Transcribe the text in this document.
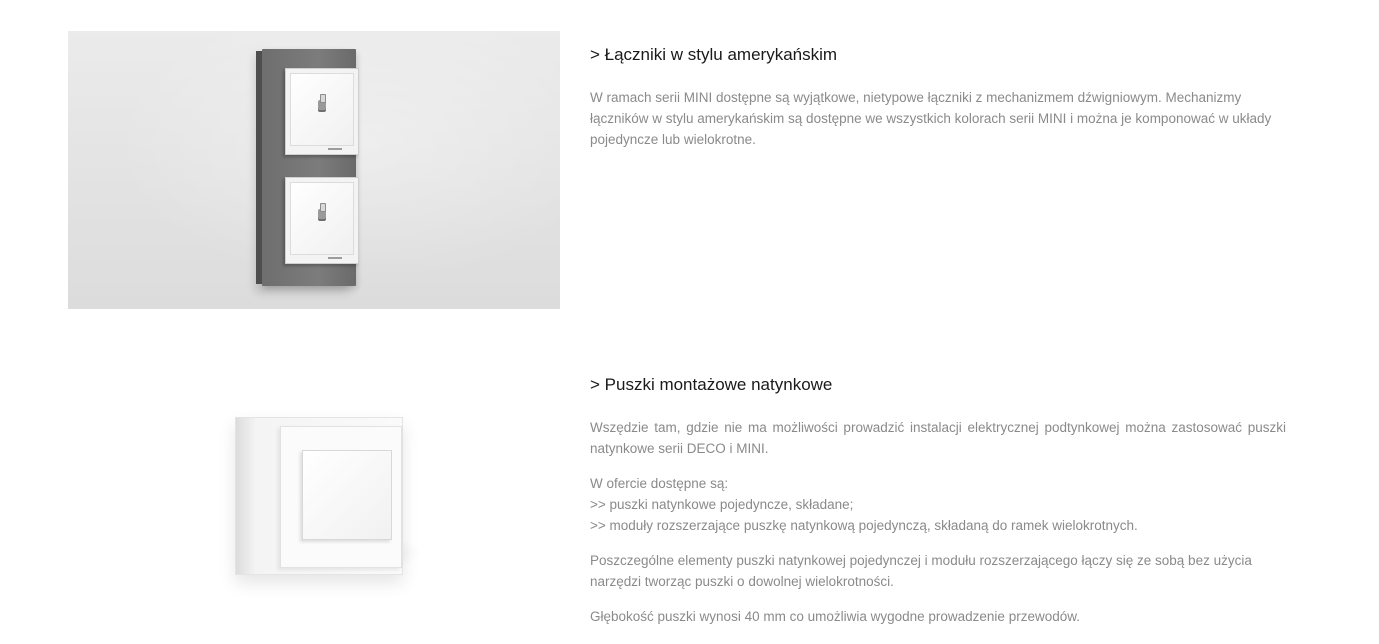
> Łączniki w stylu amerykańskim

W ramach serii MINI dostępne są wyjątkowe, nietypowe łączniki z mechanizmem dźwigniowym. Mechanizmy łączników w stylu amerykańskim są dostępne we wszystkich kolorach serii MINI i można je komponować w układy pojedyncze lub wielokrotne.

> Puszki montażowe natynkowe

Wszędzie tam, gdzie nie ma możliwości prowadzić instalacji elektrycznej podtynkowej można zastosować puszki natynkowe serii DECO i MINI.

W ofercie dostępne są:
>> puszki natynkowe pojedyncze, składane;
>> moduły rozszerzające puszkę natynkową pojedynczą, składaną do ramek wielokrotnych.

Poszczególne elementy puszki natynkowej pojedynczej i modułu rozszerzającego łączy się ze sobą bez użycia narzędzi tworząc puszki o dowolnej wielokrotności.

Głębokość puszki wynosi 40 mm co umożliwia wygodne prowadzenie przewodów.
